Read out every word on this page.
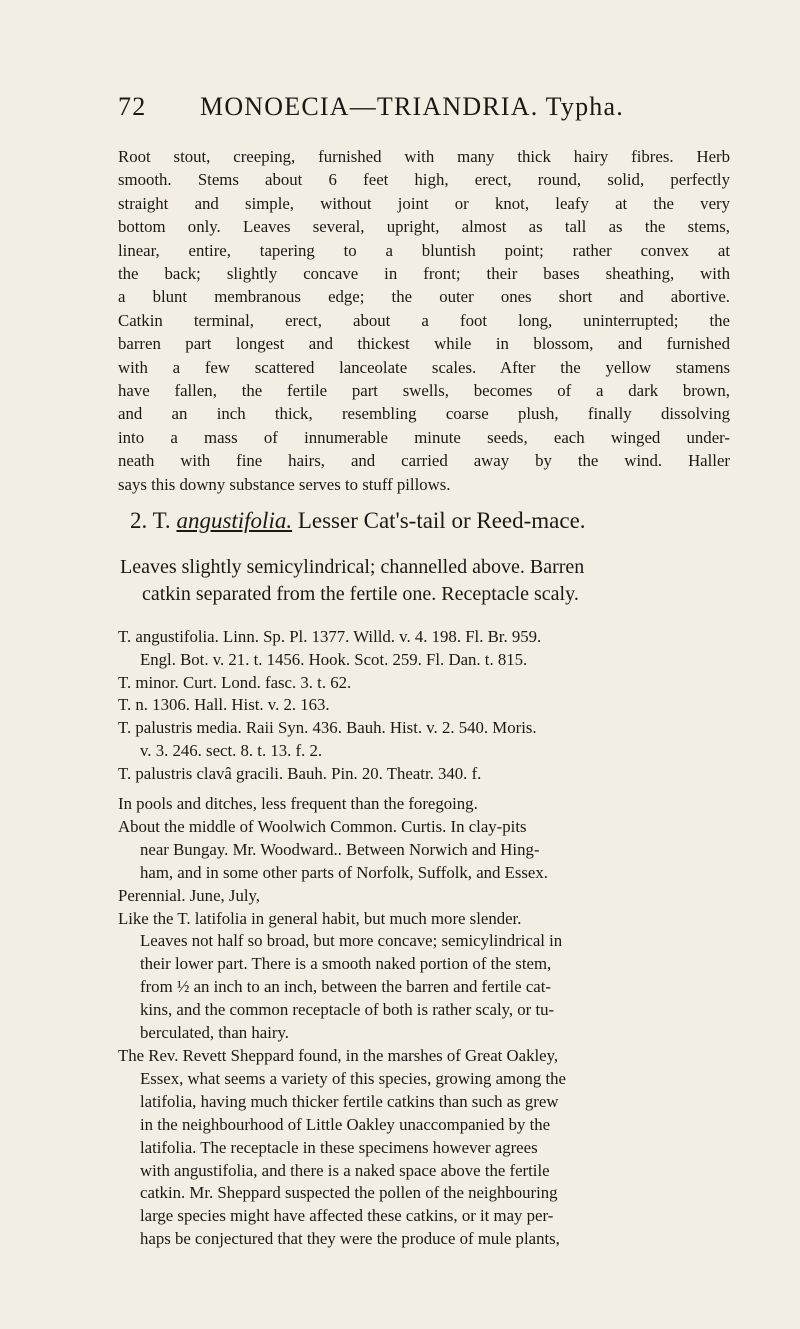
72 MONOECIA—TRIANDRIA. Typha.
Root stout, creeping, furnished with many thick hairy fibres. Herb
smooth. Stems about 6 feet high, erect, round, solid, perfectly
straight and simple, without joint or knot, leafy at the very
bottom only. Leaves several, upright, almost as tall as the stems,
linear, entire, tapering to a bluntish point; rather convex at
the back; slightly concave in front; their bases sheathing, with
a blunt membranous edge; the outer ones short and abortive.
Catkin terminal, erect, about a foot long, uninterrupted; the
barren part longest and thickest while in blossom, and furnished
with a few scattered lanceolate scales. After the yellow stamens
have fallen, the fertile part swells, becomes of a dark brown,
and an inch thick, resembling coarse plush, finally dissolving
into a mass of innumerable minute seeds, each winged under-
neath with fine hairs, and carried away by the wind. Haller
says this downy substance serves to stuff pillows.
2. T. angustifolia. Lesser Cat's-tail or Reed-mace.
Leaves slightly semicylindrical; channelled above. Barren
catkin separated from the fertile one. Receptacle scaly.
T. angustifolia. Linn. Sp. Pl. 1377. Willd. v. 4. 198. Fl. Br. 959.
Engl. Bot. v. 21. t. 1456. Hook. Scot. 259. Fl. Dan. t. 815.
T. minor. Curt. Lond. fasc. 3. t. 62.
T. n. 1306. Hall. Hist. v. 2. 163.
T. palustris media. Raii Syn. 436. Bauh. Hist. v. 2. 540. Moris.
v. 3. 246. sect. 8. t. 13. f. 2.
T. palustris clavâ gracili. Bauh. Pin. 20. Theatr. 340. f.
In pools and ditches, less frequent than the foregoing.
About the middle of Woolwich Common. Curtis. In clay-pits
near Bungay. Mr. Woodward.. Between Norwich and Hing-
ham, and in some other parts of Norfolk, Suffolk, and Essex.
Perennial. June, July,
Like the T. latifolia in general habit, but much more slender.
Leaves not half so broad, but more concave; semicylindrical in
their lower part. There is a smooth naked portion of the stem,
from ½ an inch to an inch, between the barren and fertile cat-
kins, and the common receptacle of both is rather scaly, or tu-
berculated, than hairy.
The Rev. Revett Sheppard found, in the marshes of Great Oakley,
Essex, what seems a variety of this species, growing among the
latifolia, having much thicker fertile catkins than such as grew
in the neighbourhood of Little Oakley unaccompanied by the
latifolia. The receptacle in these specimens however agrees
with angustifolia, and there is a naked space above the fertile
catkin. Mr. Sheppard suspected the pollen of the neighbouring
large species might have affected these catkins, or it may per-
haps be conjectured that they were the produce of mule plants,
